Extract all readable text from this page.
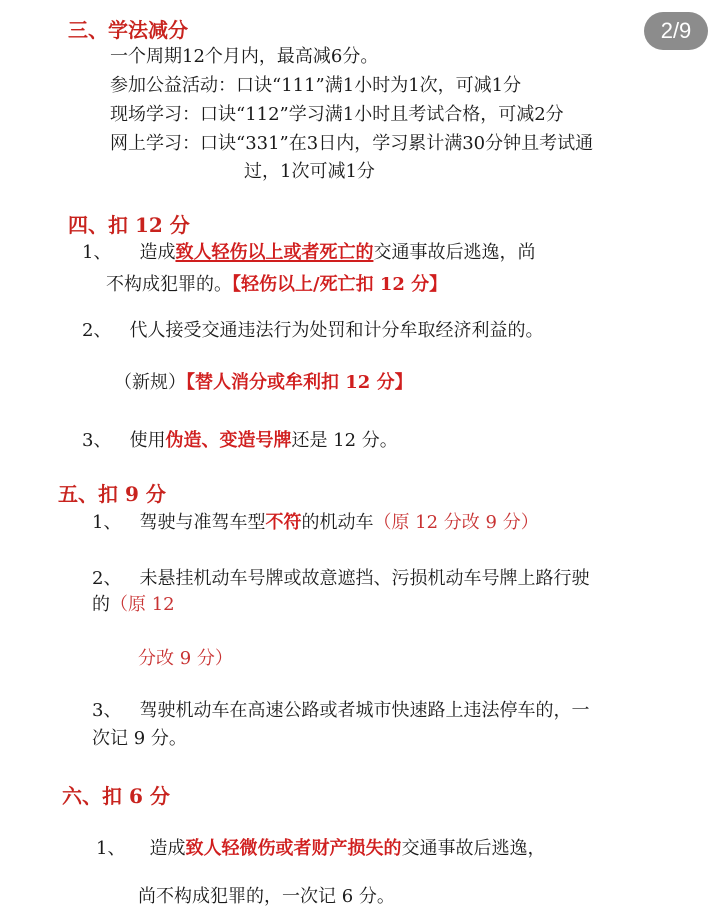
2/9
三、学法减分
一个周期12个月内，最高减6分。
参加公益活动：口诀“111”满1小时为1次，可减1分
现场学习：口诀“112”学习满1小时且考试合格，可减2分
网上学习：口诀“331”在3日内，学习累计满30分钟且考试通
过，1次可减1分
四、扣 12 分
1、 造成致人轻伤以上或者死亡的交通事故后逃逸，尚
不构成犯罪的。【轻伤以上/死亡扣 12 分】
2、 代人接受交通违法行为处罚和计分牟取经济利益的。
（新规）【替人消分或牟利扣 12 分】
3、 使用伪造、变造号牌还是 12 分。
五、扣 9 分
1、 驾驶与准驾车型不符的机动车（原 12 分改 9 分）
2、 未悬挂机动车号牌或故意遮挡、污损机动车号牌上路行驶
的（原 12
分改 9 分）
3、 驾驶机动车在高速公路或者城市快速路上违法停车的，一
次记 9 分。
六、扣 6 分
1、 造成致人轻微伤或者财产损失的交通事故后逃逸，
尚不构成犯罪的，一次记 6 分。
